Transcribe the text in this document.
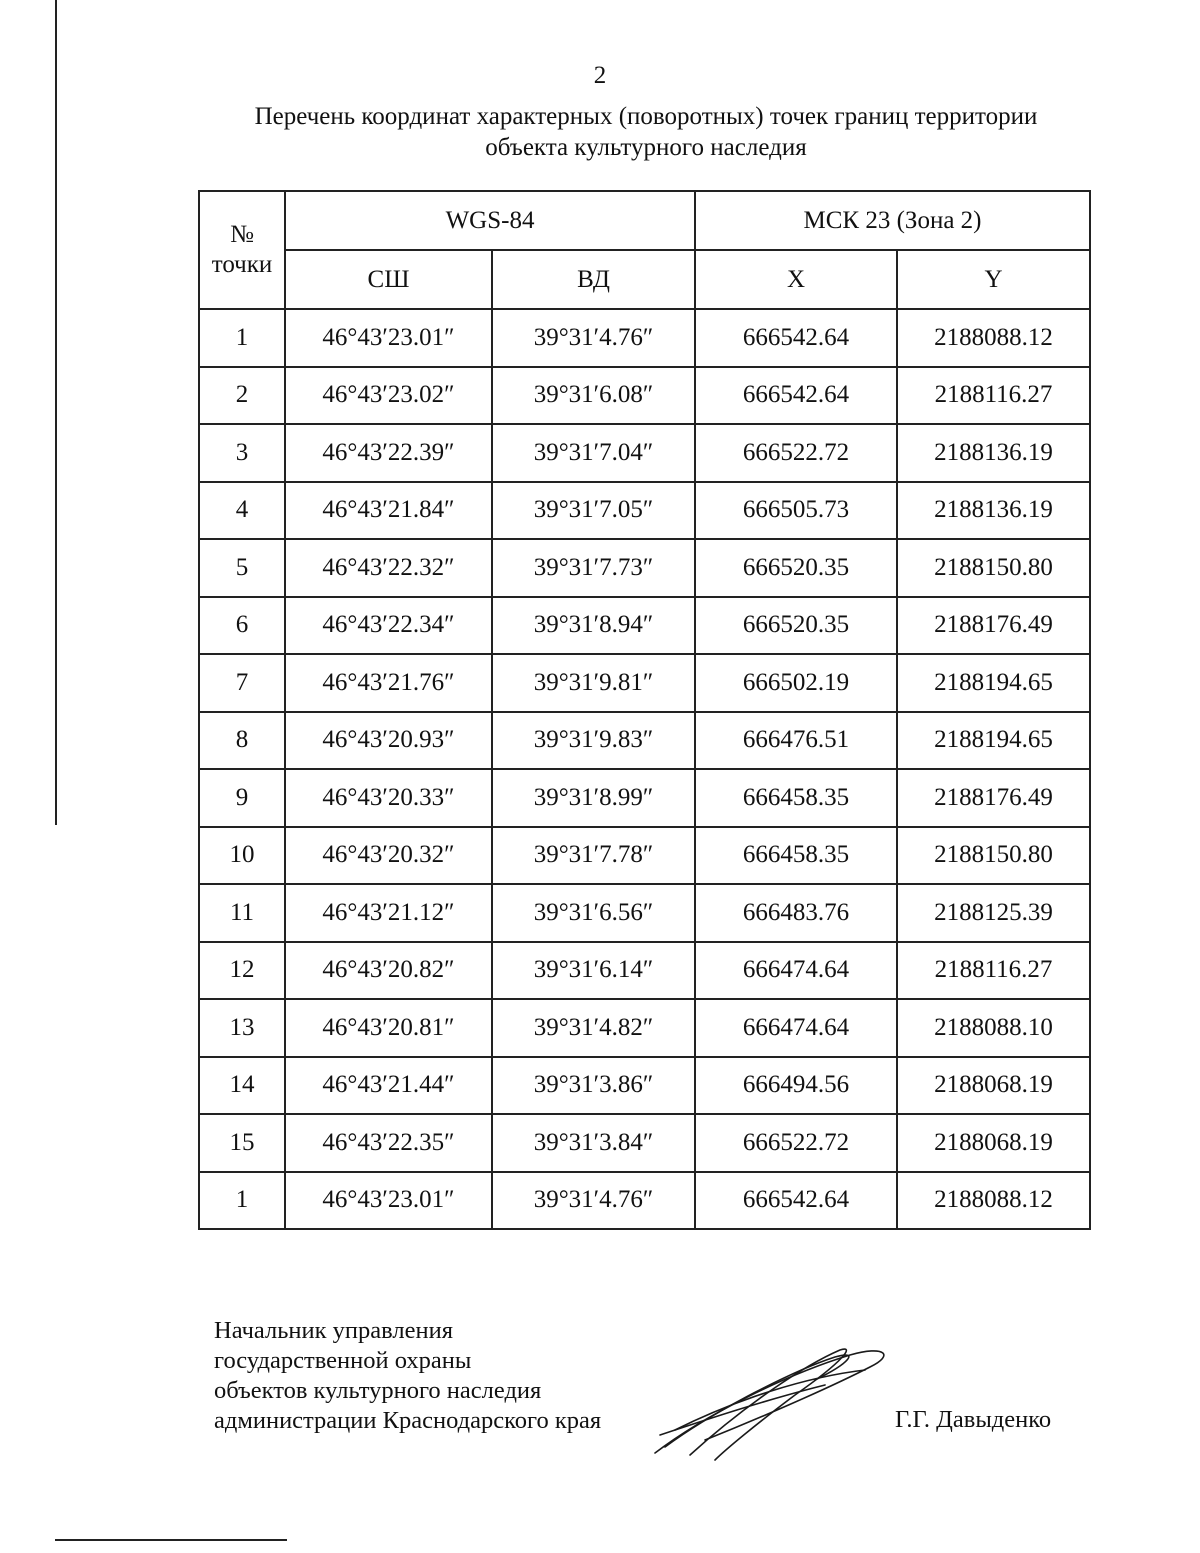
2
Перечень координат характерных (поворотных) точек границ территории
объекта культурного наследия
№
точки	WGS-84		МСК 23 (Зона 2)	
	СШ	ВД	X	Y
1	46°43′23.01″	39°31′4.76″	666542.64	2188088.12
2	46°43′23.02″	39°31′6.08″	666542.64	2188116.27
3	46°43′22.39″	39°31′7.04″	666522.72	2188136.19
4	46°43′21.84″	39°31′7.05″	666505.73	2188136.19
5	46°43′22.32″	39°31′7.73″	666520.35	2188150.80
6	46°43′22.34″	39°31′8.94″	666520.35	2188176.49
7	46°43′21.76″	39°31′9.81″	666502.19	2188194.65
8	46°43′20.93″	39°31′9.83″	666476.51	2188194.65
9	46°43′20.33″	39°31′8.99″	666458.35	2188176.49
10	46°43′20.32″	39°31′7.78″	666458.35	2188150.80
11	46°43′21.12″	39°31′6.56″	666483.76	2188125.39
12	46°43′20.82″	39°31′6.14″	666474.64	2188116.27
13	46°43′20.81″	39°31′4.82″	666474.64	2188088.10
14	46°43′21.44″	39°31′3.86″	666494.56	2188068.19
15	46°43′22.35″	39°31′3.84″	666522.72	2188068.19
1	46°43′23.01″	39°31′4.76″	666542.64	2188088.12
Начальник управления
государственной охраны
объектов культурного наследия
администрации Краснодарского края	Г.Г. Давыденко
